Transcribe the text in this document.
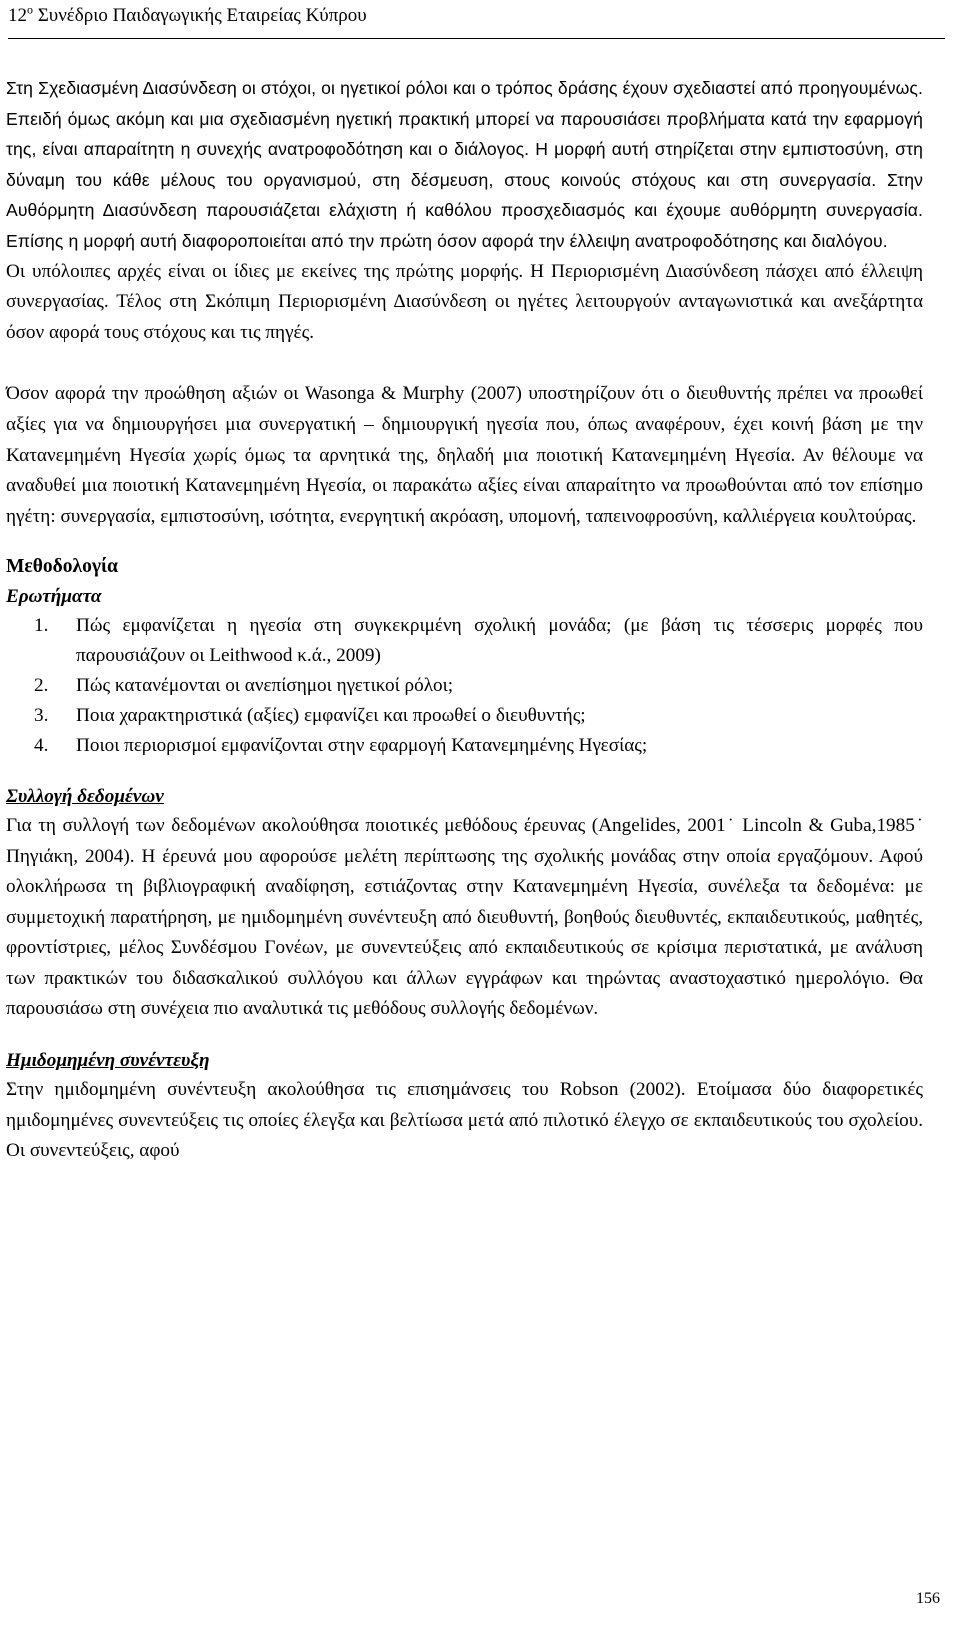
$12^o$ Συνέδριο Παιδαγωγικής Εταιρείας Κύπρου

Στη Σχεδιασμένη Διασύνδεση οι στόχοι, οι ηγετικοί ρόλοι και ο τρόπος δράσης έχουν σχεδιαστεί από προηγουμένως. Επειδή όμως ακόμη και μια σχεδιασμένη ηγετική πρακτική μπορεί να παρουσιάσει προβλήματα κατά την εφαρμογή της, είναι απαραίτητη η συνεχής ανατροφοδότηση και ο διάλογος. Η μορφή αυτή στηρίζεται στην εμπιστοσύνη, στη δύναμη του κάθε μέλους του οργανισμού, στη δέσμευση, στους κοινούς στόχους και στη συνεργασία. Στην Αυθόρμητη Διασύνδεση παρουσιάζεται ελάχιστη ή καθόλου προσχεδιασμός και έχουμε αυθόρμητη συνεργασία. Επίσης η μορφή αυτή διαφοροποιείται από την πρώτη όσον αφορά την έλλειψη ανατροφοδότησης και διαλόγου.

Οι υπόλοιπες αρχές είναι οι ίδιες με εκείνες της πρώτης μορφής. Η Περιορισμένη Διασύνδεση πάσχει από έλλειψη συνεργασίας. Τέλος στη Σκόπιμη Περιορισμένη Διασύνδεση οι ηγέτες λειτουργούν ανταγωνιστικά και ανεξάρτητα όσον αφορά τους στόχους και τις πηγές.

Όσον αφορά την προώθηση αξιών οι Wasonga & Murphy (2007) υποστηρίζουν ότι ο διευθυντής πρέπει να προωθεί αξίες για να δημιουργήσει μια συνεργατική – δημιουργική ηγεσία που, όπως αναφέρουν, έχει κοινή βάση με την Κατανεμημένη Ηγεσία χωρίς όμως τα αρνητικά της, δηλαδή μια ποιοτική Κατανεμημένη Ηγεσία. Αν θέλουμε να αναδυθεί μια ποιοτική Κατανεμημένη Ηγεσία, οι παρακάτω αξίες είναι απαραίτητο να προωθούνται από τον επίσημο ηγέτη: συνεργασία, εμπιστοσύνη, ισότητα, ενεργητική ακρόαση, υπομονή, ταπεινοφροσύνη, καλλιέργεια κουλτούρας.

Μεθοδολογία
Ερωτήματα
1.	Πώς εμφανίζεται η ηγεσία στη συγκεκριμένη σχολική μονάδα; (με βάση τις τέσσερις μορφές που παρουσιάζουν οι Leithwood κ.ά., 2009)
2.	Πώς κατανέμονται οι ανεπίσημοι ηγετικοί ρόλοι;
3.	Ποια χαρακτηριστικά (αξίες) εμφανίζει και προωθεί ο διευθυντής;
4.	Ποιοι περιορισμοί εμφανίζονται στην εφαρμογή Κατανεμημένης Ηγεσίας;
Συλλογή δεδομένων

Για τη συλλογή των δεδομένων ακολούθησα ποιοτικές μεθόδους έρευνας (Angelides, 2001˙ Lincoln & Guba,1985˙ Πηγιάκη, 2004). Η έρευνά μου αφορούσε μελέτη περίπτωσης της σχολικής μονάδας στην οποία εργαζόμουν. Αφού ολοκλήρωσα τη βιβλιογραφική αναδίφηση, εστιάζοντας στην Κατανεμημένη Ηγεσία, συνέλεξα τα δεδομένα: με συμμετοχική παρατήρηση, με ημιδομημένη συνέντευξη από διευθυντή, βοηθούς διευθυντές, εκπαιδευτικούς, μαθητές, φροντίστριες, μέλος Συνδέσμου Γονέων, με συνεντεύξεις από εκπαιδευτικούς σε κρίσιμα περιστατικά, με ανάλυση των πρακτικών του διδασκαλικού συλλόγου και άλλων εγγράφων και τηρώντας αναστοχαστικό ημερολόγιο. Θα παρουσιάσω στη συνέχεια πιο αναλυτικά τις μεθόδους συλλογής δεδομένων.

Ημιδομημένη συνέντευξη

Στην ημιδομημένη συνέντευξη ακολούθησα τις επισημάνσεις του Robson (2002). Ετοίμασα δύο διαφορετικές ημιδομημένες συνεντεύξεις τις οποίες έλεγξα και βελτίωσα μετά από πιλοτικό έλεγχο σε εκπαιδευτικούς του σχολείου. Οι συνεντεύξεις, αφού

156
